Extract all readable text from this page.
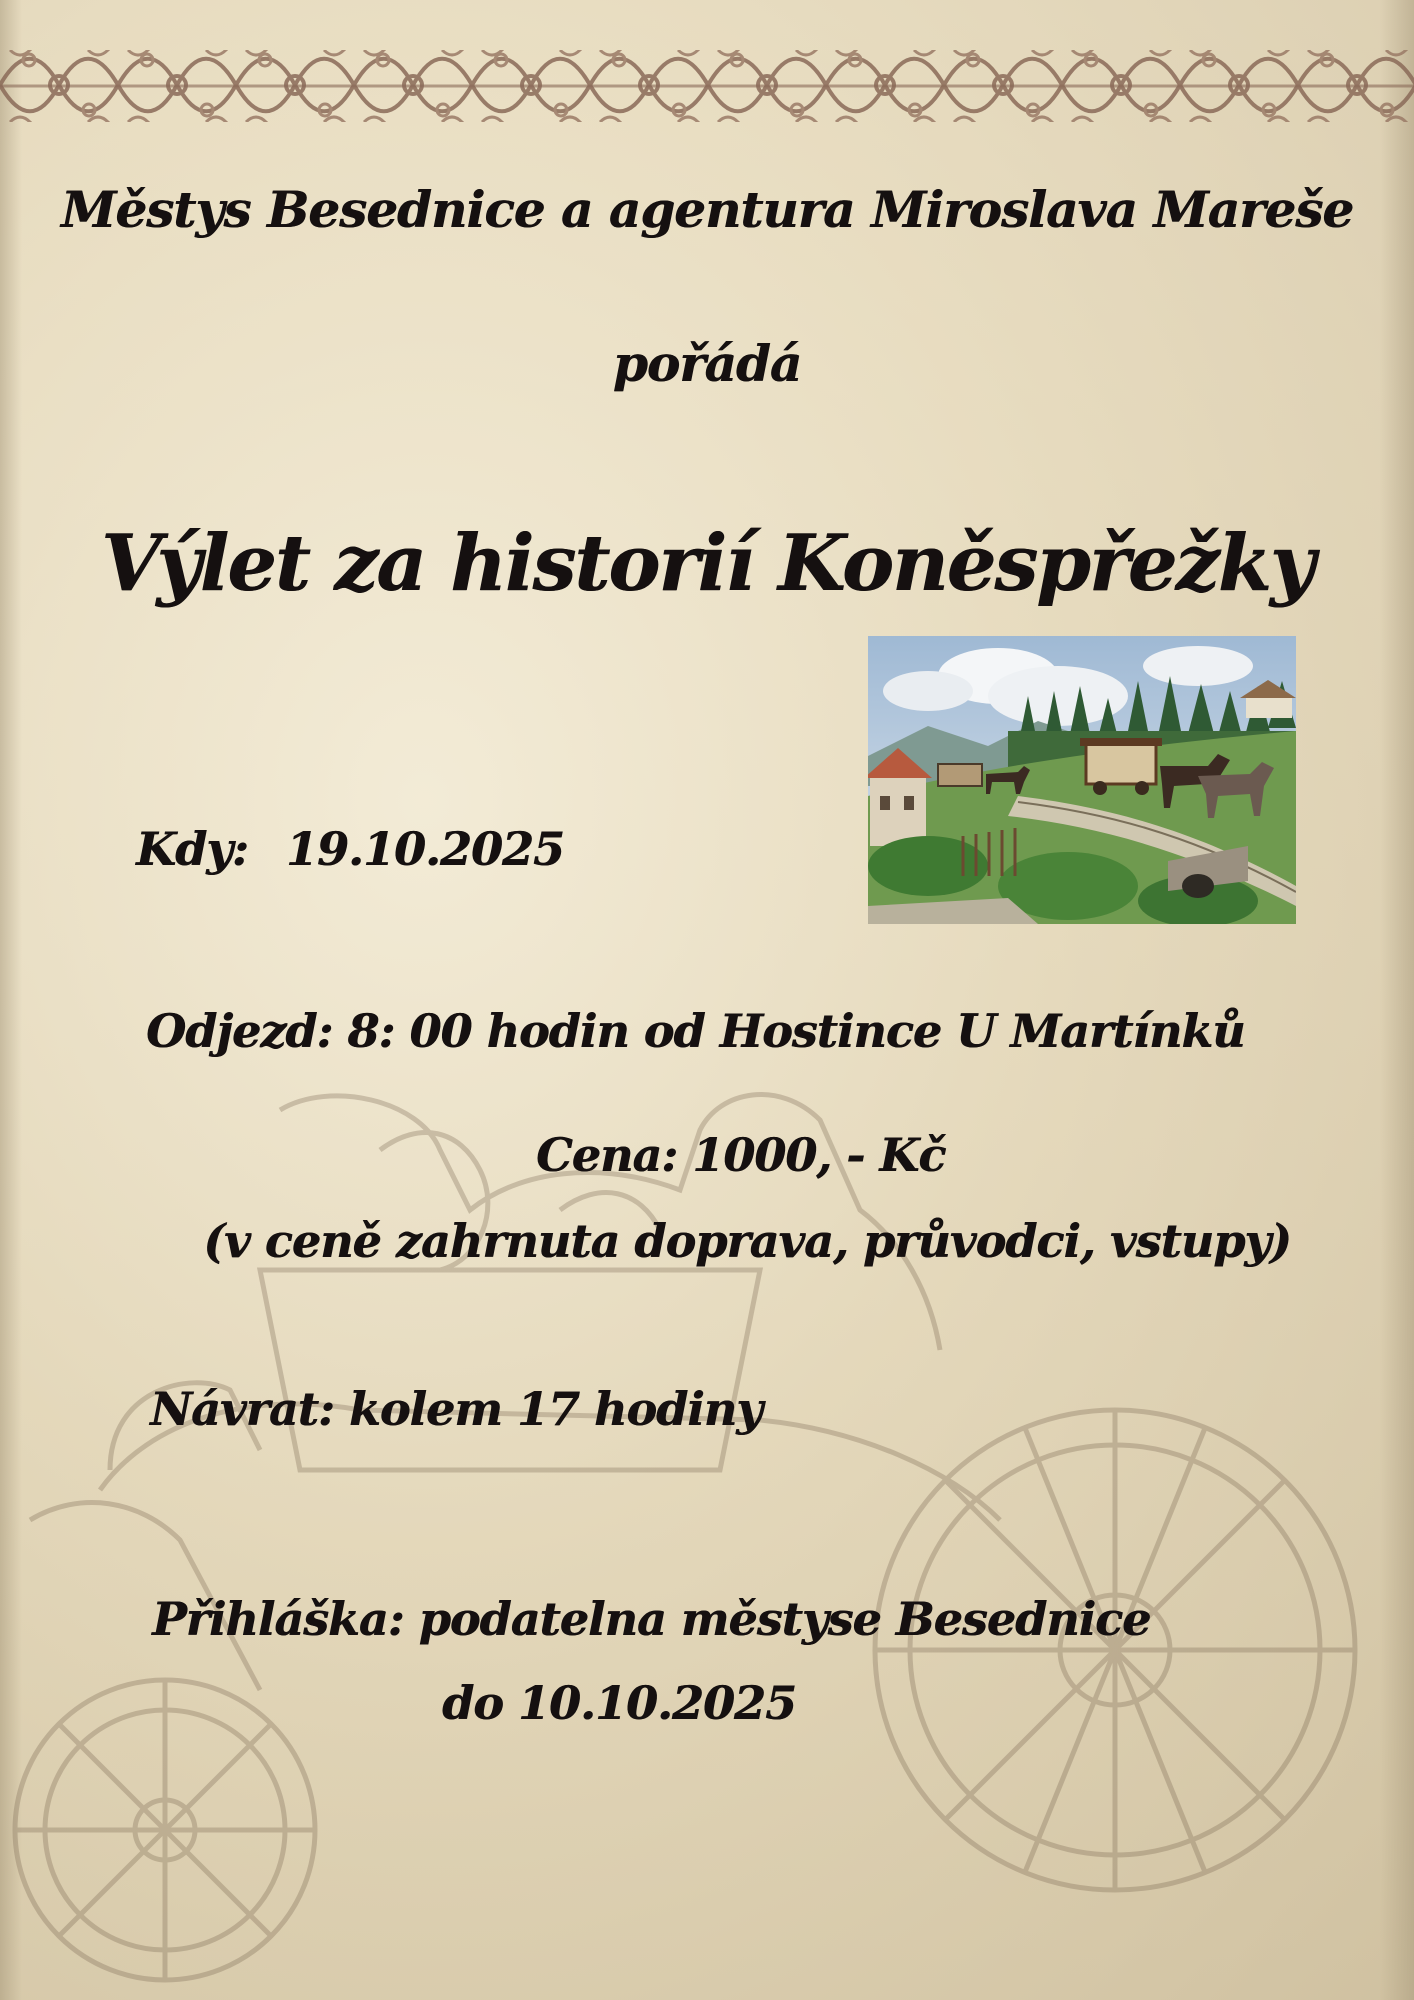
Městys Besednice a agentura Miroslava Mareše
pořádá
Výlet za historií Koněspřežky
Kdy: 19.10.2025
Odjezd: 8: 00 hodin od Hostince U Martínků
Cena: 1000, - Kč
(v ceně zahrnuta doprava, průvodci, vstupy)
Návrat: kolem 17 hodiny
Přihláška: podatelna městyse Besednice
do 10.10.2025
